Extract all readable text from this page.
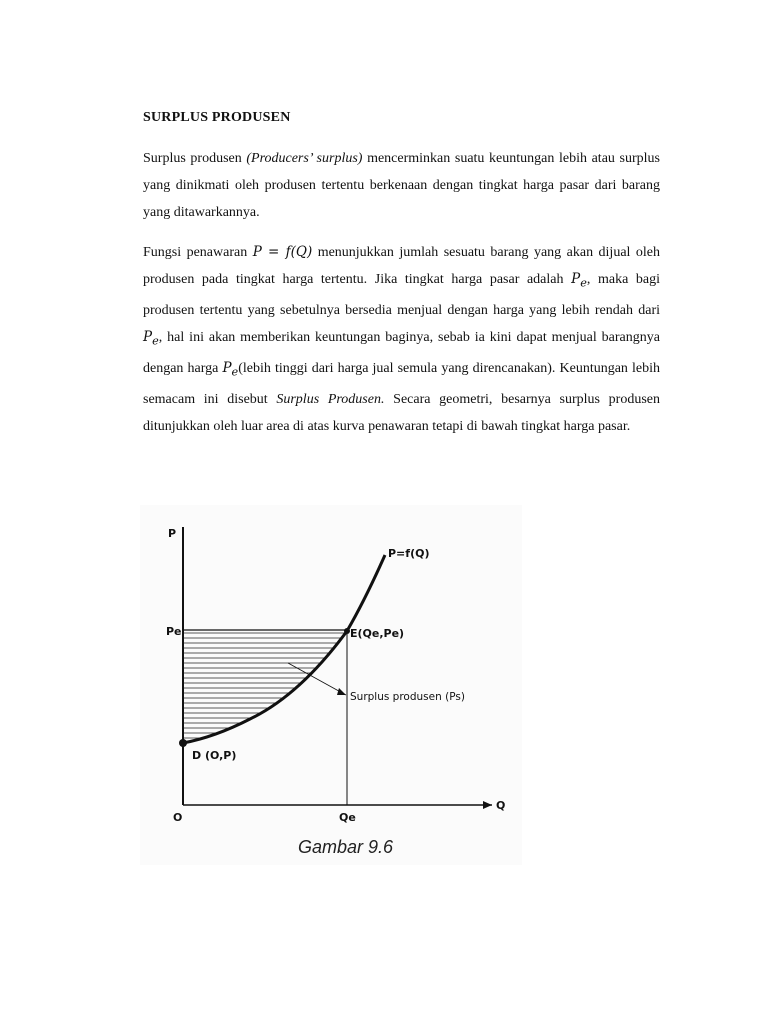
SURPLUS PRODUSEN

Surplus produsen (Producers’ surplus) mencerminkan suatu keuntungan lebih atau surplus yang dinikmati oleh produsen tertentu berkenaan dengan tingkat harga pasar dari barang yang ditawarkannya.

Fungsi penawaran P = f(Q) menunjukkan jumlah sesuatu barang yang akan dijual oleh produsen pada tingkat harga tertentu. Jika tingkat harga pasar adalah $P_e$, maka bagi produsen tertentu yang sebetulnya bersedia menjual dengan harga yang lebih rendah dari $P_e$, hal ini akan memberikan keuntungan baginya, sebab ia kini dapat menjual barangnya dengan harga $P_e(lebih$ tinggi dari harga jual semula yang direncanakan). Keuntungan lebih semacam ini disebut Surplus Produsen. Secara geometri, besarnya surplus produsen ditunjukkan oleh luar area di atas kurva penawaran tetapi di bawah tingkat harga pasar.

P
Q
O
Pe
Qe
P=f(Q)
E(Qe,Pe)
D (O,P)
Surplus produsen (Ps)
Gambar 9.6
